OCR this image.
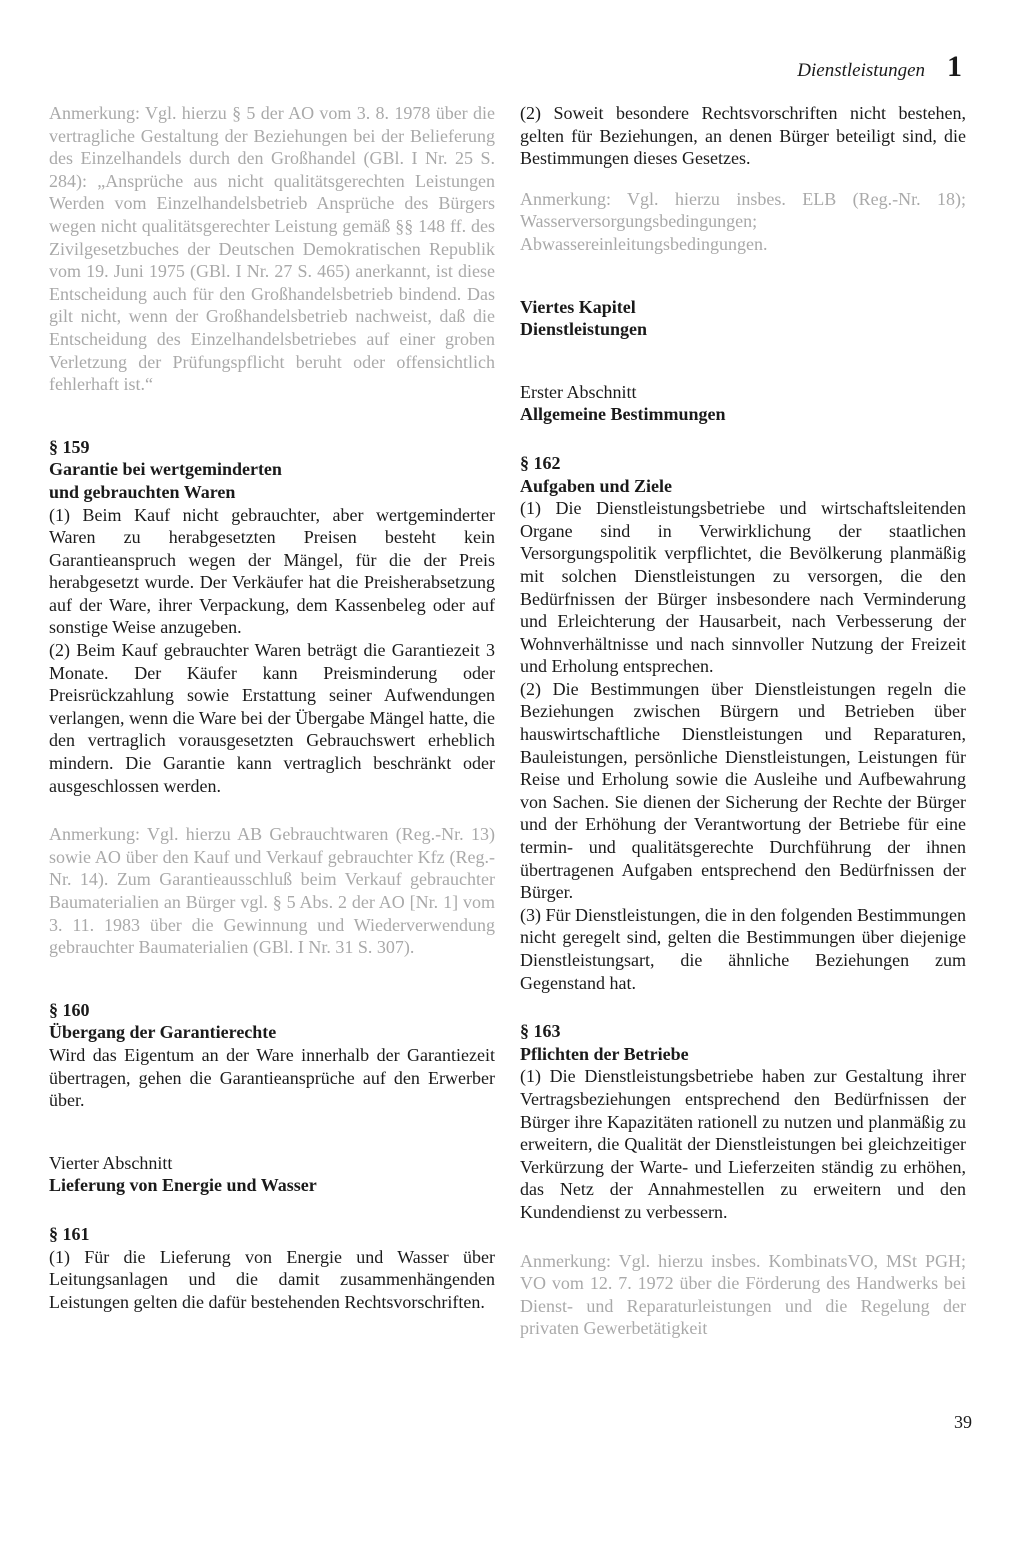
Dienstleistungen 1

Anmerkung: Vgl. hierzu § 5 der AO vom 3. 8. 1978 über die vertragliche Gestaltung der Beziehungen bei der Belieferung des Einzelhandels durch den Großhandel (GBl. I Nr. 25 S. 284): „Ansprüche aus nicht qualitätsgerechten Leistungen Werden vom Einzelhandelsbetrieb Ansprüche des Bürgers wegen nicht qualitätsgerechter Leistung gemäß §§ 148 ff. des Zivilgesetzbuches der Deutschen Demokratischen Republik vom 19. Juni 1975 (GBl. I Nr. 27 S. 465) anerkannt, ist diese Entscheidung auch für den Großhandelsbetrieb bindend. Das gilt nicht, wenn der Großhandelsbetrieb nachweist, daß die Entscheidung des Einzelhandelsbetriebes auf einer groben Verletzung der Prüfungspflicht beruht oder offensichtlich fehlerhaft ist.“

§ 159
Garantie bei wertgeminderten
und gebrauchten Waren

(1) Beim Kauf nicht gebrauchter, aber wertgeminderter Waren zu herabgesetzten Preisen besteht kein Garantieanspruch wegen der Mängel, für die der Preis herabgesetzt wurde. Der Verkäufer hat die Preisherabsetzung auf der Ware, ihrer Verpackung, dem Kassenbeleg oder auf sonstige Weise anzugeben.

(2) Beim Kauf gebrauchter Waren beträgt die Garantiezeit 3 Monate. Der Käufer kann Preisminderung oder Preisrückzahlung sowie Erstattung seiner Aufwendungen verlangen, wenn die Ware bei der Übergabe Mängel hatte, die den vertraglich vorausgesetzten Gebrauchswert erheblich mindern. Die Garantie kann vertraglich beschränkt oder ausgeschlossen werden.

Anmerkung: Vgl. hierzu AB Gebrauchtwaren (Reg.-Nr. 13) sowie AO über den Kauf und Verkauf gebrauchter Kfz (Reg.-Nr. 14). Zum Garantieausschluß beim Verkauf gebrauchter Baumaterialien an Bürger vgl. § 5 Abs. 2 der AO [Nr. 1] vom 3. 11. 1983 über die Gewinnung und Wiederverwendung gebrauchter Baumaterialien (GBl. I Nr. 31 S. 307).

§ 160
Übergang der Garantierechte

Wird das Eigentum an der Ware innerhalb der Garantiezeit übertragen, gehen die Garantieansprüche auf den Erwerber über.

Vierter Abschnitt
Lieferung von Energie und Wasser
§ 161

(1) Für die Lieferung von Energie und Wasser über Leitungsanlagen und die damit zusammenhängenden Leistungen gelten die dafür bestehenden Rechtsvorschriften.

(2) Soweit besondere Rechtsvorschriften nicht bestehen, gelten für Beziehungen, an denen Bürger beteiligt sind, die Bestimmungen dieses Gesetzes.

Anmerkung: Vgl. hierzu insbes. ELB (Reg.-Nr. 18); Wasserversorgungsbedingungen; Abwassereinleitungsbedingungen.

Viertes Kapitel
Dienstleistungen
Erster Abschnitt
Allgemeine Bestimmungen
§ 162
Aufgaben und Ziele

(1) Die Dienstleistungsbetriebe und wirtschaftsleitenden Organe sind in Verwirklichung der staatlichen Versorgungspolitik verpflichtet, die Bevölkerung planmäßig mit solchen Dienstleistungen zu versorgen, die den Bedürfnissen der Bürger insbesondere nach Verminderung und Erleichterung der Hausarbeit, nach Verbesserung der Wohnverhältnisse und nach sinnvoller Nutzung der Freizeit und Erholung entsprechen.

(2) Die Bestimmungen über Dienstleistungen regeln die Beziehungen zwischen Bürgern und Betrieben über hauswirtschaftliche Dienstleistungen und Reparaturen, Bauleistungen, persönliche Dienstleistungen, Leistungen für Reise und Erholung sowie die Ausleihe und Aufbewahrung von Sachen. Sie dienen der Sicherung der Rechte der Bürger und der Erhöhung der Verantwortung der Betriebe für eine termin- und qualitätsgerechte Durchführung der ihnen übertragenen Aufgaben entsprechend den Bedürfnissen der Bürger.

(3) Für Dienstleistungen, die in den folgenden Bestimmungen nicht geregelt sind, gelten die Bestimmungen über diejenige Dienstleistungsart, die ähnliche Beziehungen zum Gegenstand hat.

§ 163
Pflichten der Betriebe

(1) Die Dienstleistungsbetriebe haben zur Gestaltung ihrer Vertragsbeziehungen entsprechend den Bedürfnissen der Bürger ihre Kapazitäten rationell zu nutzen und planmäßig zu erweitern, die Qualität der Dienstleistungen bei gleichzeitiger Verkürzung der Warte- und Lieferzeiten ständig zu erhöhen, das Netz der Annahmestellen zu erweitern und den Kundendienst zu verbessern.

Anmerkung: Vgl. hierzu insbes. KombinatsVO, MSt PGH; VO vom 12. 7. 1972 über die Förderung des Handwerks bei Dienst- und Reparaturleistungen und die Regelung der privaten Gewerbetätigkeit

39
